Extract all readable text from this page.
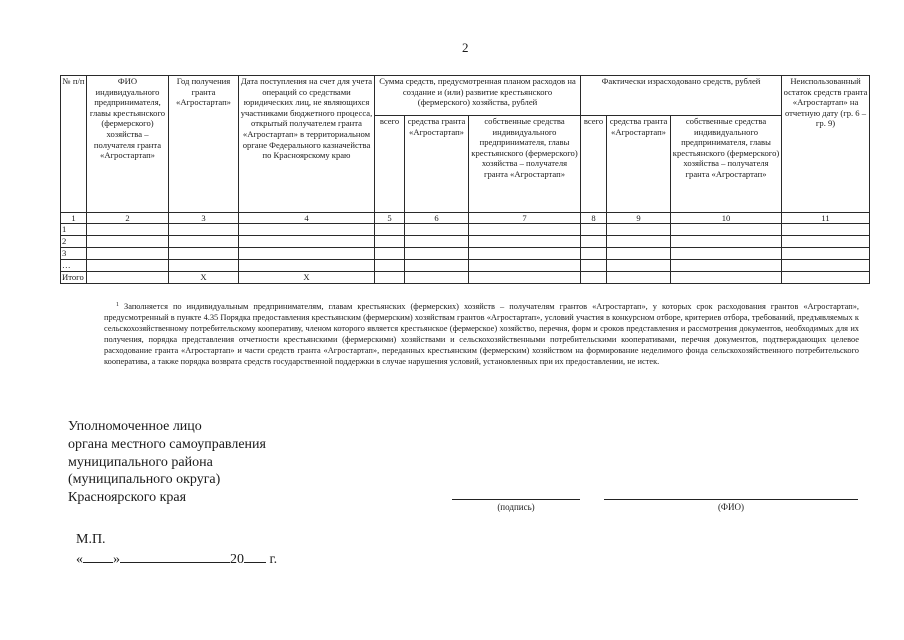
2
№ п/п	ФИО индивидуального предпринимателя, главы крестьянского (фермерского) хозяйства – получателя гранта «Агростартап»	Год получения гранта «Агростартап»	Дата поступления на счет для учета операций со средствами юридических лиц, не являющихся участниками бюджетного процесса, открытый получателем гранта «Агростартап» в территориальном органе Федерального казначейства по Красноярскому краю	Сумма средств, предусмотренная планом расходов на создание и (или) развитие крестьянского (фермерского) хозяйства, рублей			Фактически израсходовано средств, рублей			Неиспользованный остаток средств гранта «Агростартап» на отчетную дату (гр. 6 – гр. 9)
				всего	средства гранта «Агростартап»	собственные средства индивидуального предпринимателя, главы крестьянского (фермерского) хозяйства – получателя гранта «Агростартап»	всего	средства гранта «Агростартап»	собственные средства индивидуального предпринимателя, главы крестьянского (фермерского) хозяйства – получателя гранта «Агростартап»	
1	2	3	4	5	6	7	8	9	10	11
1										
2										
3										
…										
Итого		Х	Х							
$^1$ Заполняется по индивидуальным предпринимателям, главам крестьянских (фермерских) хозяйств – получателям грантов «Агростартап», у которых срок расходования грантов «Агростартап», предусмотренный в пункте 4.35 Порядка предоставления крестьянским (фермерским) хозяйствам грантов «Агростартап», условий участия в конкурсном отборе, критериев отбора, требований, предъявляемых к сельскохозяйственному потребительскому кооперативу, членом которого является крестьянское (фермерское) хозяйство, перечня, форм и сроков представления и рассмотрения документов, необходимых для их получения, порядка представления отчетности крестьянскими (фермерскими) хозяйствами и сельскохозяйственными потребительскими кооперативами, перечня документов, подтверждающих целевое расходование гранта «Агростартап» и части средств гранта «Агростартап», переданных крестьянским (фермерским) хозяйством на формирование неделимого фонда сельскохозяйственного потребительского кооператива, а также порядка возврата средств государственной поддержки в случае нарушения условий, установленных при их предоставлении, не истек.
Уполномоченное лицо
органа местного самоуправления
муниципального района
(муниципального округа)
Красноярского края
(подпись)	(ФИО)
М.П.
« »	20 г.
